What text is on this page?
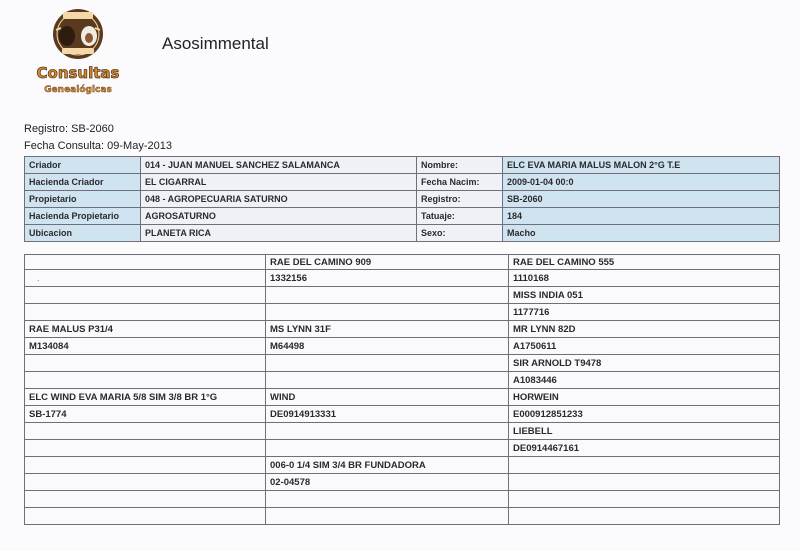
Consultas
Genealógicas
Asosimmental
Registro: SB-2060
Fecha Consulta: 09-May-2013
Criador	014 - JUAN MANUEL SANCHEZ SALAMANCA	Nombre:	ELC EVA MARIA MALUS MALON 2°G T.E
Hacienda Criador	EL CIGARRAL	Fecha Nacim:	2009-01-04 00:0
Propietario	048 - AGROPECUARIA SATURNO	Registro:	SB-2060
Hacienda Propietario	AGROSATURNO	Tatuaje:	184
Ubicacion	PLANETA RICA	Sexo:	Macho
	RAE DEL CAMINO 909	RAE DEL CAMINO 555
.	1332156	1110168
		MISS INDIA 051
		1177716
RAE MALUS P31/4	MS LYNN 31F	MR LYNN 82D
M134084	M64498	A1750611
		SIR ARNOLD T9478
		A1083446
ELC WIND EVA MARIA 5/8 SIM 3/8 BR 1°G	WIND	HORWEIN
SB-1774	DE0914913331	E000912851233
		LIEBELL
		DE0914467161
	006-0 1/4 SIM 3/4 BR FUNDADORA	
	02-04578	
